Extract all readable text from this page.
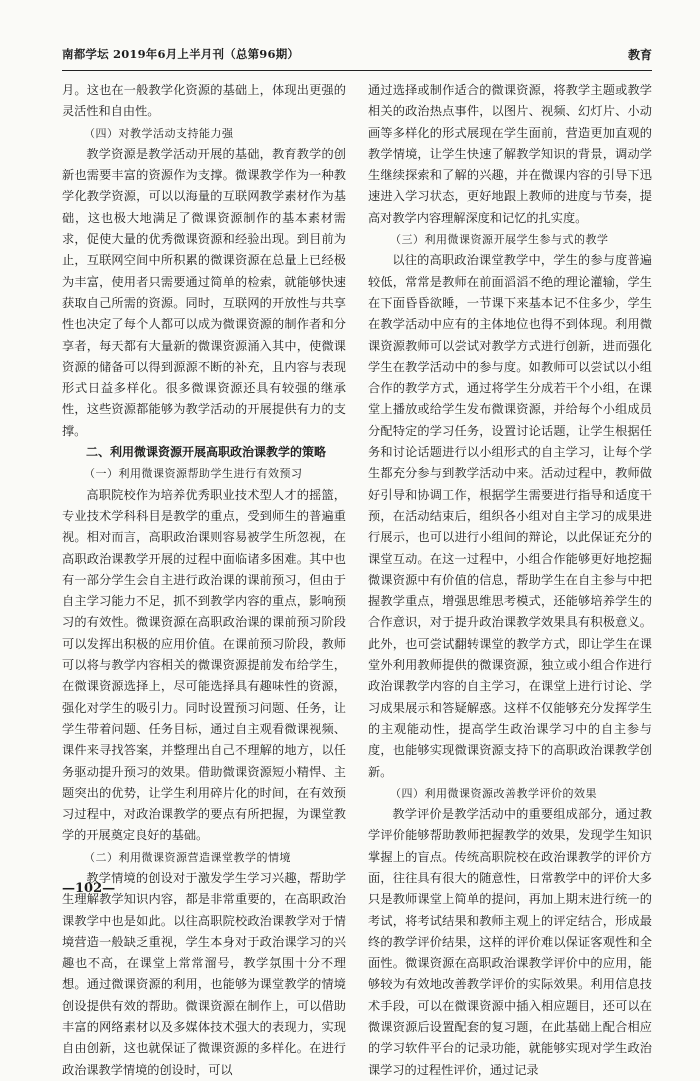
南都学坛 2019年6月上半月刊（总第96期）	教育

月。这也在一般教学化资源的基础上，体现出更强的灵活性和自由性。

（四）对教学活动支持能力强

教学资源是教学活动开展的基础，教育教学的创新也需要丰富的资源作为支撑。微课教学作为一种教学化教学资源，可以以海量的互联网教学素材作为基础，这也极大地满足了微课资源制作的基本素材需求，促使大量的优秀微课资源和经验出现。到目前为止，互联网空间中所积累的微课资源在总量上已经极为丰富，使用者只需要通过简单的检索，就能够快速获取自己所需的资源。同时，互联网的开放性与共享性也决定了每个人都可以成为微课资源的制作者和分享者，每天都有大量新的微课资源涌入其中，使微课资源的储备可以得到源源不断的补充，且内容与表现形式日益多样化。很多微课资源还具有较强的继承性，这些资源都能够为教学活动的开展提供有力的支撑。

二、利用微课资源开展高职政治课教学的策略

（一）利用微课资源帮助学生进行有效预习

高职院校作为培养优秀职业技术型人才的摇篮，专业技术学科科目是教学的重点，受到师生的普遍重视。相对而言，高职政治课则容易被学生所忽视，在高职政治课教学开展的过程中面临诸多困难。其中也有一部分学生会自主进行政治课的课前预习，但由于自主学习能力不足，抓不到教学内容的重点，影响预习的有效性。微课资源在高职政治课的课前预习阶段可以发挥出积极的应用价值。在课前预习阶段，教师可以将与教学内容相关的微课资源提前发布给学生，在微课资源选择上，尽可能选择具有趣味性的资源，强化对学生的吸引力。同时设置预习问题、任务，让学生带着问题、任务目标，通过自主观看微课视频、课件来寻找答案，并整理出自己不理解的地方，以任务驱动提升预习的效果。借助微课资源短小精悍、主题突出的优势，让学生利用碎片化的时间，在有效预习过程中，对政治课教学的要点有所把握，为课堂教学的开展奠定良好的基础。

（二）利用微课资源营造课堂教学的情境

教学情境的创设对于激发学生学习兴趣，帮助学生理解教学知识内容，都是非常重要的，在高职政治课教学中也是如此。以往高职院校政治课教学对于情境营造一般缺乏重视，学生本身对于政治课学习的兴趣也不高，在课堂上常常溜号，教学氛围十分不理想。通过微课资源的利用，也能够为课堂教学的情境创设提供有效的帮助。微课资源在制作上，可以借助丰富的网络素材以及多媒体技术强大的表现力，实现自由创新，这也就保证了微课资源的多样化。在进行政治课教学情境的创设时，可以

通过选择或制作适合的微课资源，将教学主题或教学相关的政治热点事件，以图片、视频、幻灯片、小动画等多样化的形式展现在学生面前，营造更加直观的教学情境，让学生快速了解教学知识的背景，调动学生继续探索和了解的兴趣，并在微课内容的引导下迅速进入学习状态，更好地跟上教师的进度与节奏，提高对教学内容理解深度和记忆的扎实度。

（三）利用微课资源开展学生参与式的教学

以往的高职政治课堂教学中，学生的参与度普遍较低，常常是教师在前面滔滔不绝的理论灌输，学生在下面昏昏欲睡，一节课下来基本记不住多少，学生在教学活动中应有的主体地位也得不到体现。利用微课资源教师可以尝试对教学方式进行创新，进而强化学生在教学活动中的参与度。如教师可以尝试以小组合作的教学方式，通过将学生分成若干个小组，在课堂上播放或给学生发布微课资源，并给每个小组成员分配特定的学习任务，设置讨论话题，让学生根据任务和讨论话题进行以小组形式的自主学习，让每个学生都充分参与到教学活动中来。活动过程中，教师做好引导和协调工作，根据学生需要进行指导和适度干预，在活动结束后，组织各小组对自主学习的成果进行展示，也可以进行小组间的辩论，以此保证充分的课堂互动。在这一过程中，小组合作能够更好地挖掘微课资源中有价值的信息，帮助学生在自主参与中把握教学重点，增强思维思考模式，还能够培养学生的合作意识，对于提升政治课教学效果具有积极意义。此外，也可尝试翻转课堂的教学方式，即让学生在课堂外利用教师提供的微课资源，独立或小组合作进行政治课教学内容的自主学习，在课堂上进行讨论、学习成果展示和答疑解惑。这样不仅能够充分发挥学生的主观能动性，提高学生政治课学习中的自主参与度，也能够实现微课资源支持下的高职政治课教学创新。

（四）利用微课资源改善教学评价的效果

教学评价是教学活动中的重要组成部分，通过教学评价能够帮助教师把握教学的效果，发现学生知识掌握上的盲点。传统高职院校在政治课教学的评价方面，往往具有很大的随意性，日常教学中的评价大多只是教师课堂上简单的提问，再加上期末进行统一的考试，将考试结果和教师主观上的评定结合，形成最终的教学评价结果，这样的评价难以保证客观性和全面性。微课资源在高职政治课教学评价中的应用，能够较为有效地改善教学评价的实际效果。利用信息技术手段，可以在微课资源中插入相应题目，还可以在微课资源后设置配套的复习题，在此基础上配合相应的学习软件平台的记录功能，就能够实现对学生政治课学习的过程性评价，通过记录

—102—
